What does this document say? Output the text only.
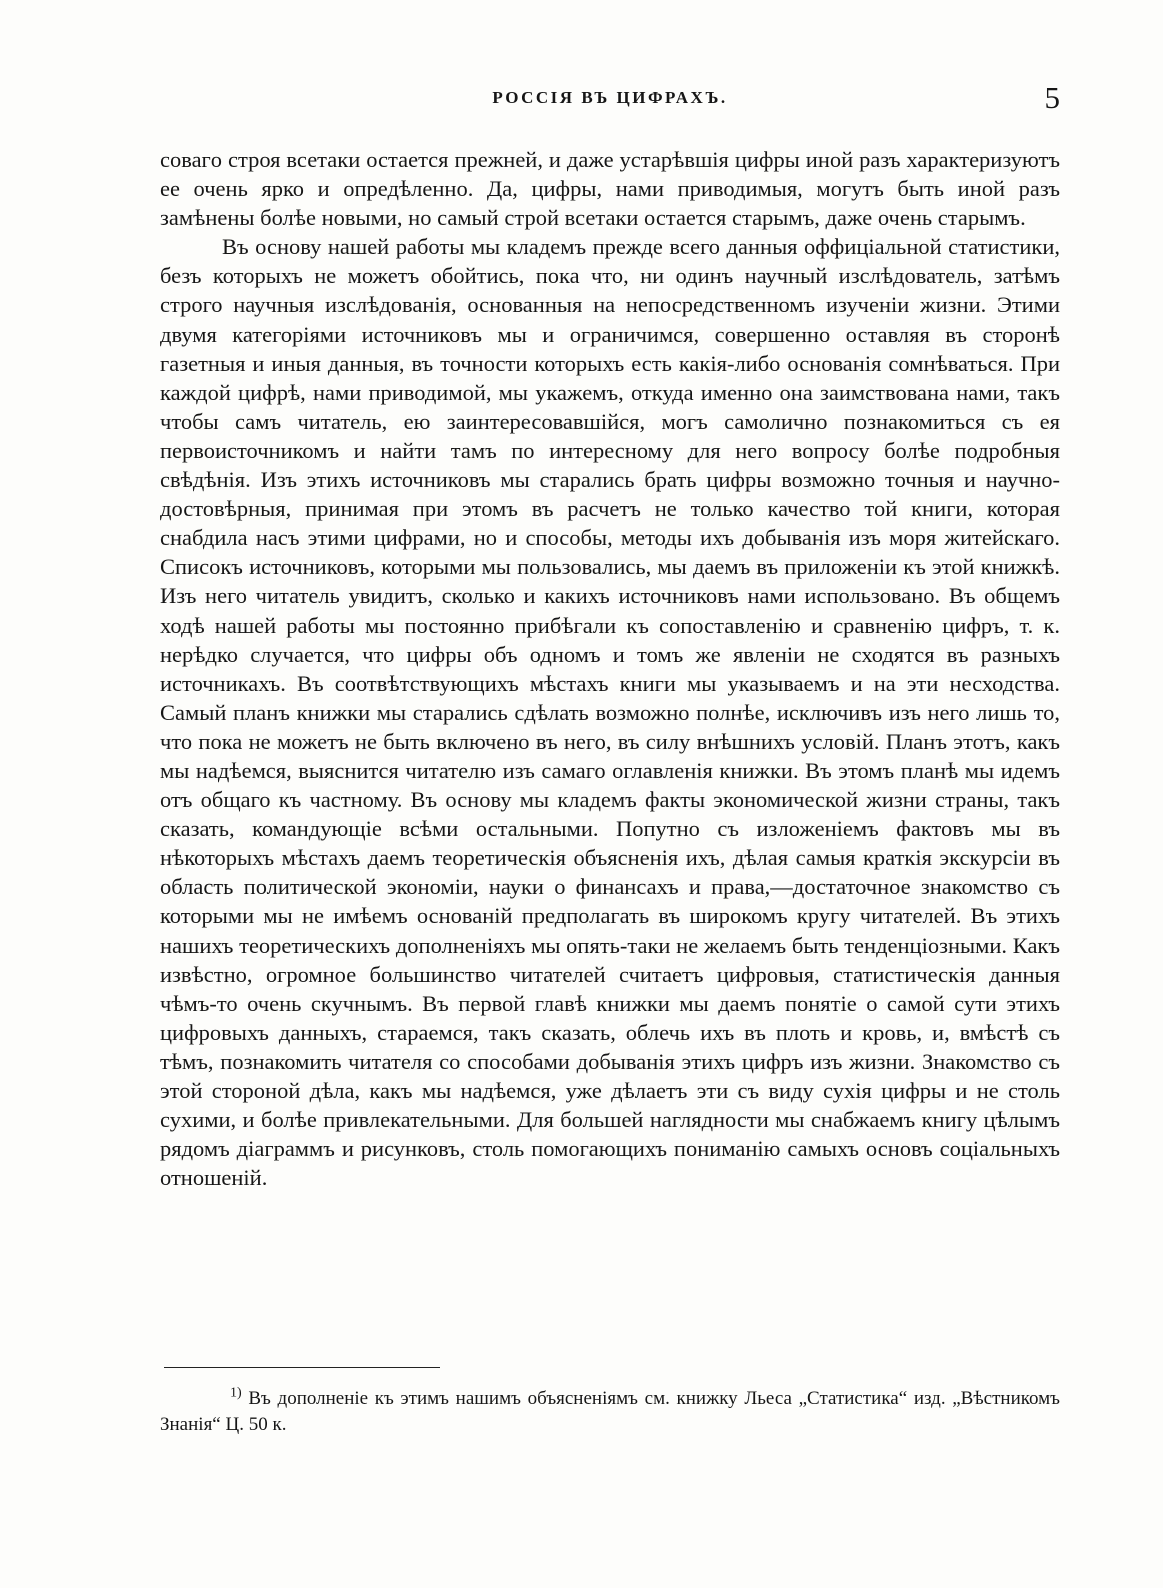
РОССІЯ ВЪ ЦИФРАХЪ.	5

совагo строя всетаки остается прежней, и даже устарѣвшія цифры иной разъ характеризуютъ ее очень ярко и опредѣленно. Да, цифры, нами приводимыя, могутъ быть иной разъ замѣнены болѣе новыми, но самый строй всетаки остается старымъ, даже очень старымъ.

Въ основу нашей работы мы кладемъ прежде всего данныя оффиціальной статистики, безъ которыхъ не можетъ обойтись, пока что, ни одинъ научный изслѣдователь, затѣмъ строго научныя изслѣдованія, основанныя на непосредственномъ изученіи жизни. Этими двумя категоріями источниковъ мы и ограничимся, совершенно оставляя въ сторонѣ газетныя и иныя данныя, въ точности которыхъ есть какія-либо основанія сомнѣваться. При каждой цифрѣ, нами приводимой, мы укажемъ, откуда именно она заимствована нами, такъ чтобы самъ читатель, ею заинтересовавшійся, могъ самолично познакомиться съ ея первоисточникомъ и найти тамъ по интересному для него вопросу болѣе подробныя свѣдѣнія. Изъ этихъ источниковъ мы старались брать цифры возможно точныя и научно-достовѣрныя, принимая при этомъ въ расчетъ не только качество той книги, которая снабдила насъ этими цифрами, но и способы, методы ихъ добыванія изъ моря житейскаго. Списокъ источниковъ, которыми мы пользовались, мы даемъ въ приложеніи къ этой книжкѣ. Изъ него читатель увидитъ, сколько и какихъ источниковъ нами использовано. Въ общемъ ходѣ нашей работы мы постоянно прибѣгали къ сопоставленію и сравненію цифръ, т. к. нерѣдко случается, что цифры объ одномъ и томъ же явленіи не сходятся въ разныхъ источникахъ. Въ соотвѣтствующихъ мѣстахъ книги мы указываемъ и на эти несходства. Самый планъ книжки мы старались сдѣлать возможно полнѣе, исключивъ изъ него лишь то, что пока не можетъ не быть включено въ него, въ силу внѣшнихъ условій. Планъ этотъ, какъ мы надѣемся, выяснится читателю изъ самаго оглавленія книжки. Въ этомъ планѣ мы идемъ отъ общаго къ частному. Въ основу мы кладемъ факты экономической жизни страны, такъ сказать, командующіе всѣми остальными. Попутно съ изложеніемъ фактовъ мы въ нѣкоторыхъ мѣстахъ даемъ теоретическія объясненія ихъ, дѣлая самыя краткія экскурсіи въ область политической экономіи, науки о финансахъ и права,—достаточное знакомство съ которыми мы не имѣемъ основаній предполагать въ широкомъ кругу читателей. Въ этихъ нашихъ теоретическихъ дополненіяхъ мы опять-таки не желаемъ быть тенденціозными. Какъ извѣстно, огромное большинство читателей считаетъ цифровыя, статистическія данныя чѣмъ-то очень скучнымъ. Въ первой главѣ книжки мы даемъ понятіе о самой сути этихъ цифровыхъ данныхъ, стараемся, такъ сказать, облечь ихъ въ плоть и кровь, и, вмѣстѣ съ тѣмъ, познакомить читателя со способами добыванія этихъ цифръ изъ жизни. Знакомство съ этой стороной дѣла, какъ мы надѣемся, уже дѣлаетъ эти съ виду сухія цифры и не столь сухими, и болѣе привлекательными. Для большей наглядности мы снабжаемъ книгу цѣлымъ рядомъ діаграммъ и рисунковъ, столь помогающихъ пониманію самыхъ основъ соціальныхъ отношеній.

$^{1)}$ Въ дополненіе къ этимъ нашимъ объясненіямъ см. книжку Льеса „Статистика“ изд. „Вѣстникомъ Знанія“ Ц. 50 к.
